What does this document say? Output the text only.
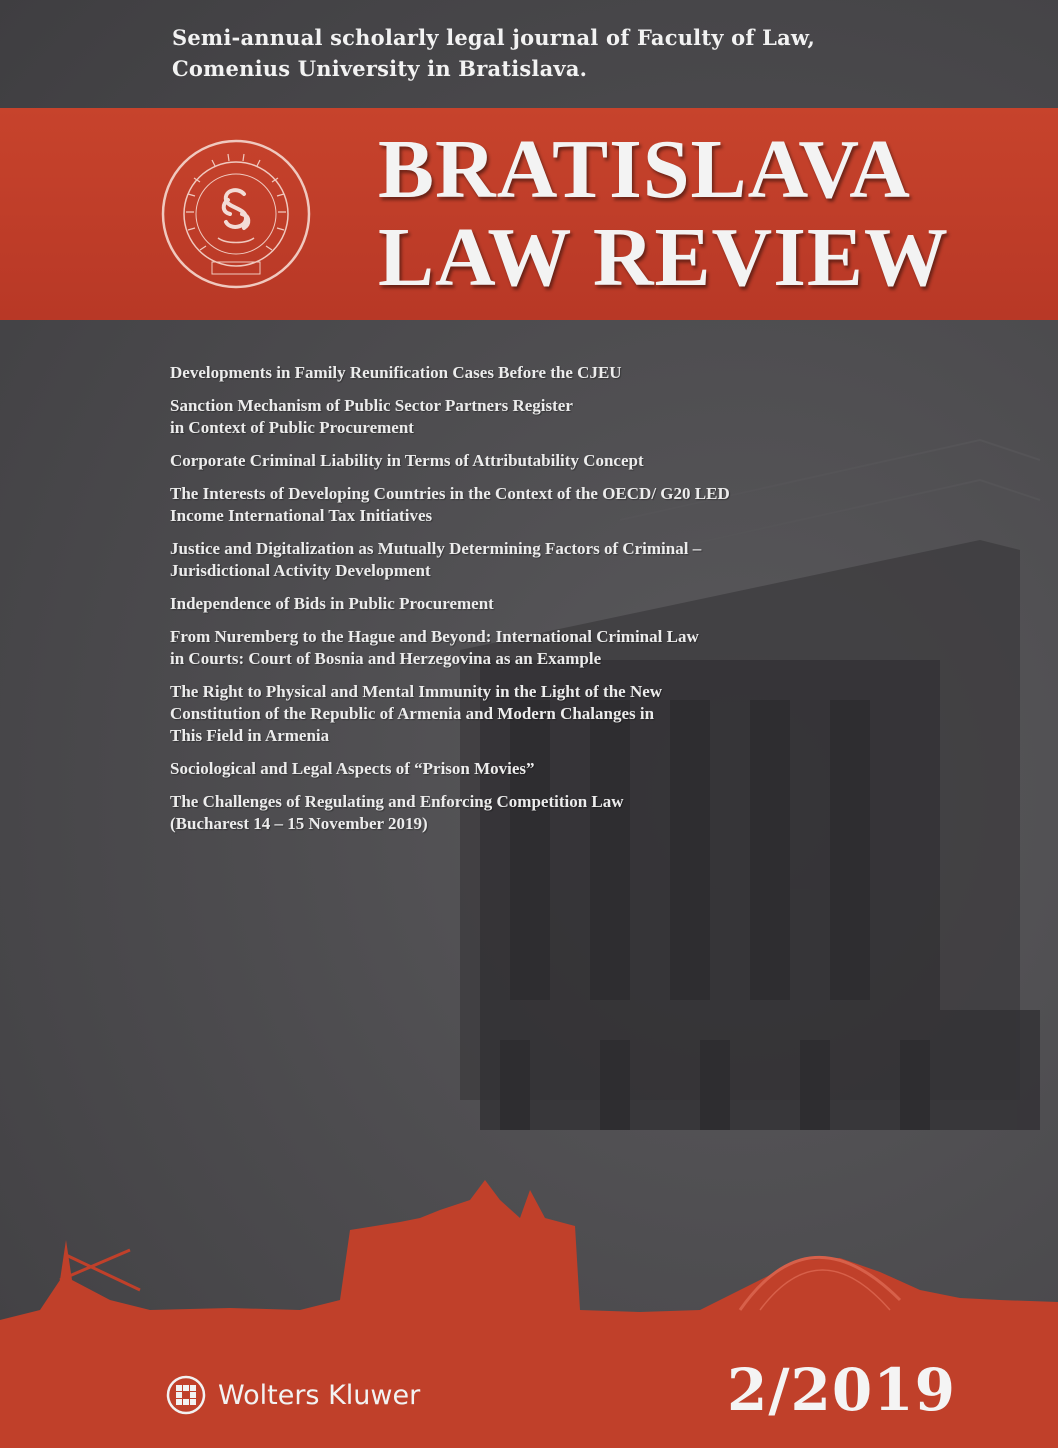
Semi-annual scholarly legal journal of Faculty of Law,
Comenius University in Bratislava.
BRATISLAVA
LAW REVIEW
Developments in Family Reunification Cases Before the CJEU
Sanction Mechanism of Public Sector Partners Register
in Context of Public Procurement
Corporate Criminal Liability in Terms of Attributability Concept
The Interests of Developing Countries in the Context of the OECD/ G20 LED
Income International Tax Initiatives
Justice and Digitalization as Mutually Determining Factors of Criminal –
Jurisdictional Activity Development
Independence of Bids in Public Procurement
From Nuremberg to the Hague and Beyond: International Criminal Law
in Courts: Court of Bosnia and Herzegovina as an Example
The Right to Physical and Mental Immunity in the Light of the New
Constitution of the Republic of Armenia and Modern Chalanges in
This Field in Armenia
Sociological and Legal Aspects of “Prison Movies”
The Challenges of Regulating and Enforcing Competition Law
(Bucharest 14 – 15 November 2019)
Wolters Kluwer	2/2019
